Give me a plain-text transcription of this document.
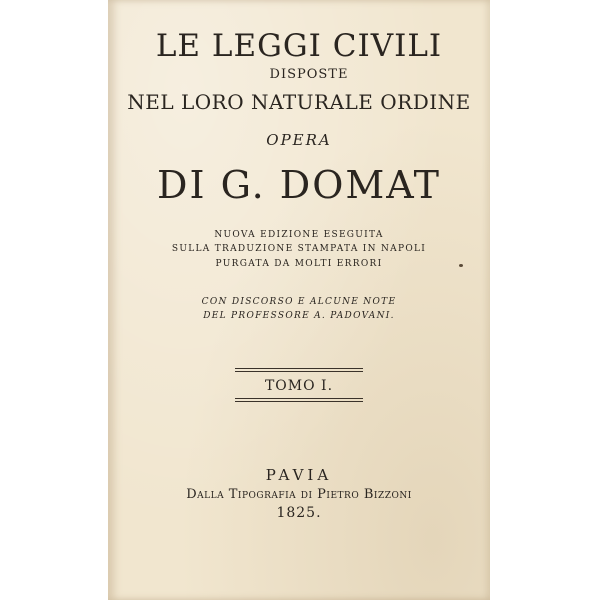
LE LEGGI CIVILI
DISPOSTE
NEL LORO NATURALE ORDINE
OPERA
DI G. DOMAT
NUOVA EDIZIONE ESEGUITA
SULLA TRADUZIONE STAMPATA IN NAPOLI
PURGATA DA MOLTI ERRORI
CON DISCORSO E ALCUNE NOTE
DEL PROFESSORE A. PADOVANI.
TOMO I.
PAVIA
Dalla Tipografia di Pietro Bizzoni
1825.
